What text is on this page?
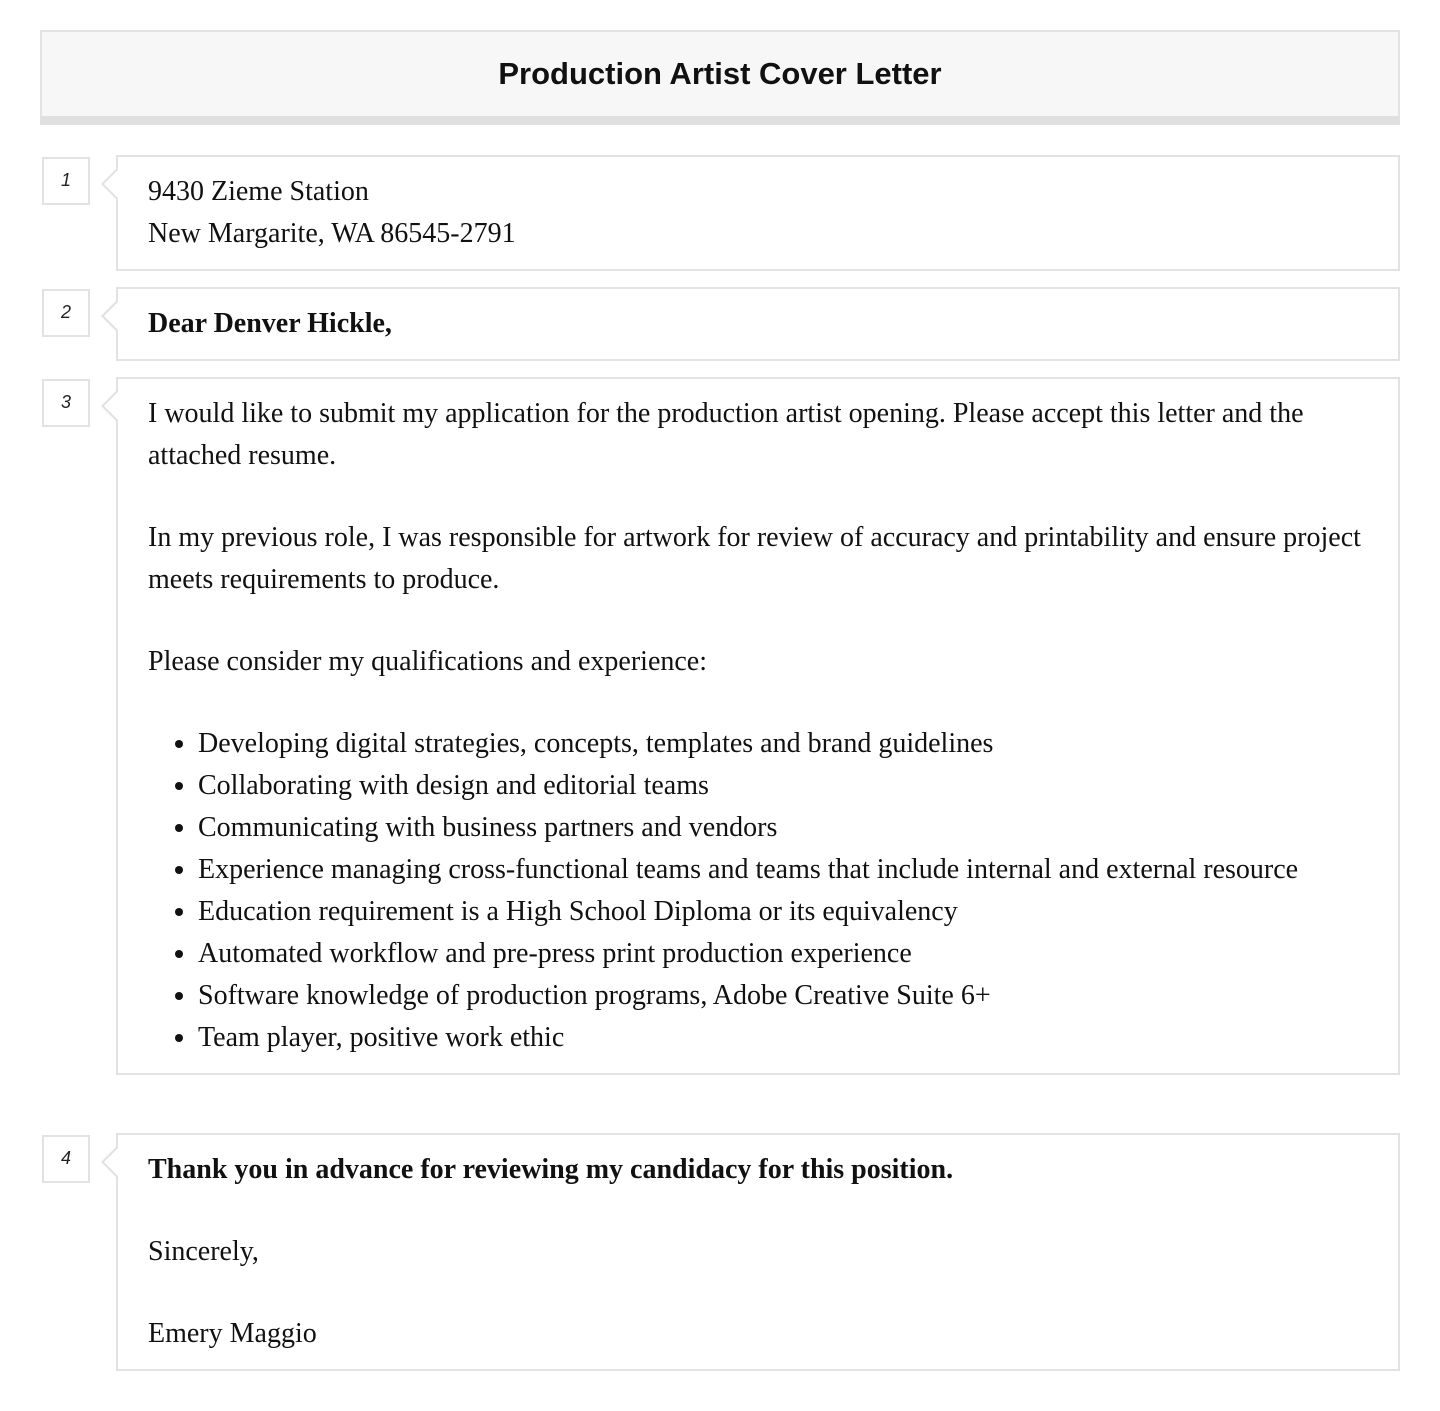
Production Artist Cover Letter
1	9430 Zieme Station

New Margarite, WA 86545-2791

2	Dear Denver Hickle,

3	I would like to submit my application for the production artist opening. Please accept this letter and the attached resume.

In my previous role, I was responsible for artwork for review of accuracy and printability and ensure project meets requirements to produce.

Please consider my qualifications and experience:

• Developing digital strategies, concepts, templates and brand guidelines
• Collaborating with design and editorial teams
• Communicating with business partners and vendors
• Experience managing cross-functional teams and teams that include internal and external resource
• Education requirement is a High School Diploma or its equivalency
• Automated workflow and pre-press print production experience
• Software knowledge of production programs, Adobe Creative Suite 6+
• Team player, positive work ethic
4	Thank you in advance for reviewing my candidacy for this position.

Sincerely,

Emery Maggio
